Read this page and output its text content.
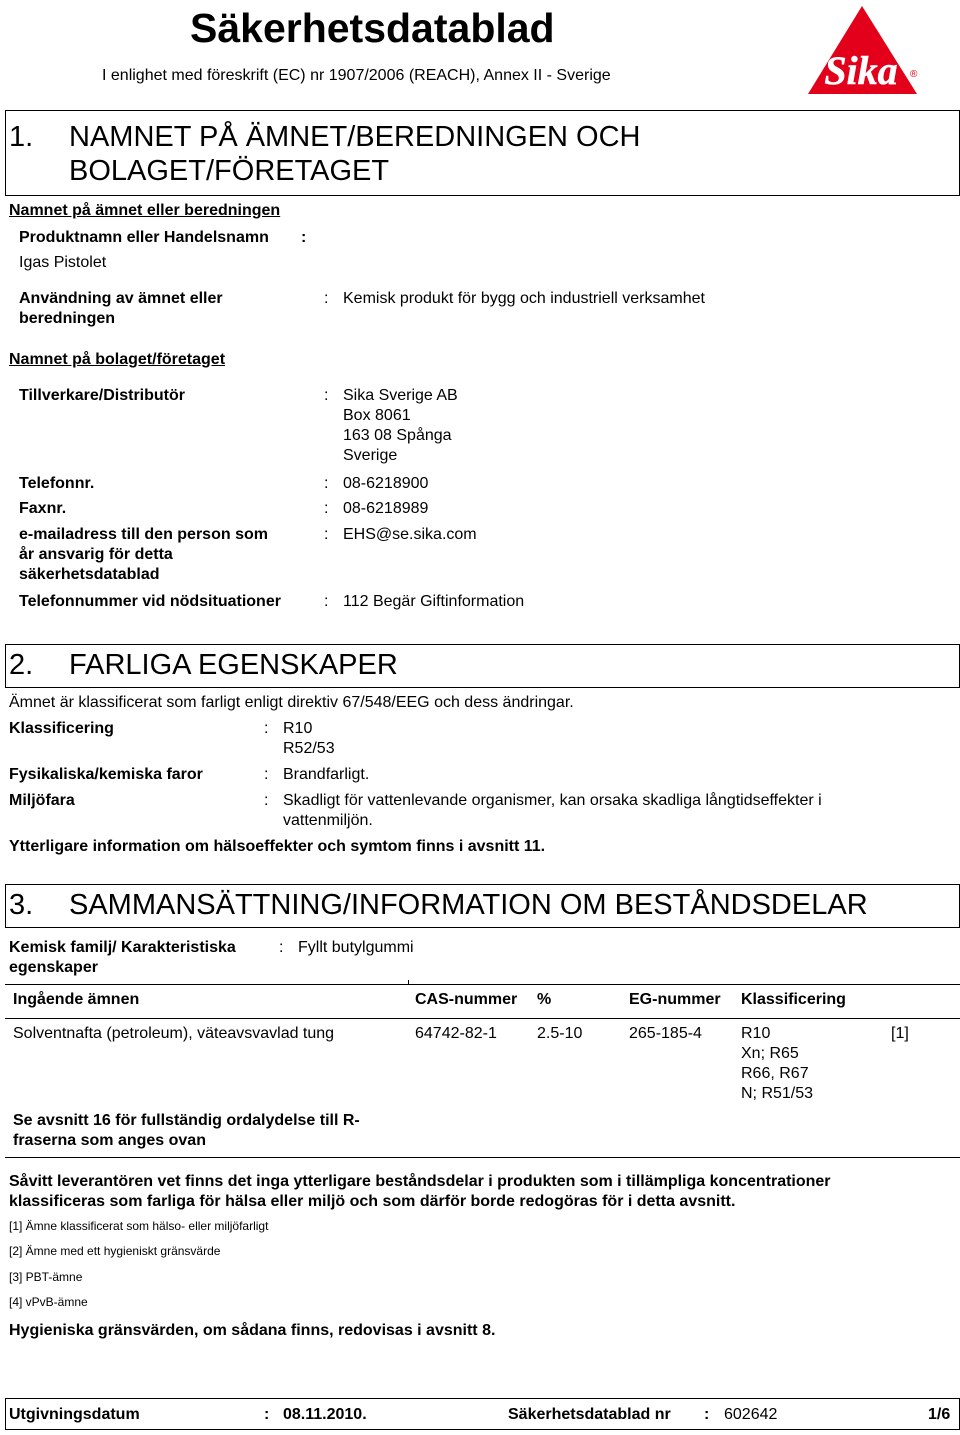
Säkerhetsdatablad
I enlighet med föreskrift (EC) nr 1907/2006 (REACH), Annex II - Sverige	Sika ®
1. NAMNET PÅ ÄMNET/BEREDNINGEN OCH
BOLAGET/FÖRETAGET
Namnet på ämnet eller beredningen
Produktnamn eller Handelsnamn :
Igas Pistolet
Användning av ämnet eller
beredningen
: Kemisk produkt för bygg och industriell verksamhet
Namnet på bolaget/företaget
Tillverkare/Distributör	: Sika Sverige AB
Box 8061
163 08 Spånga
Sverige
Telefonnr.	: 08-6218900
Faxnr.	: 08-6218989
e-mailadress till den person som
år ansvarig för detta
säkerhetsdatablad
: EHS@se.sika.com
Telefonnummer vid nödsituationer	: 112 Begär Giftinformation
2. FARLIGA EGENSKAPER
Ämnet är klassificerat som farligt enligt direktiv 67/548/EEG och dess ändringar.
Klassificering	: R10
R52/53
Fysikaliska/kemiska faror	: Brandfarligt.
Miljöfara	: Skadligt för vattenlevande organismer, kan orsaka skadliga långtidseffekter i
vattenmiljön.
Ytterligare information om hälsoeffekter och symtom finns i avsnitt 11.
3. SAMMANSÄTTNING/INFORMATION OM BESTÅNDSDELAR
Kemisk familj/ Karakteristiska
egenskaper
: Fyllt butylgummi
Ingående ämnen	CAS-nummer %	EG-nummer Klassificering
Solventnafta (petroleum), väteavsvavlad tung	64742-82-1	2.5-10	265-185-4 R10
Xn; R65
R66, R67
N; R51/53
[1]
Se avsnitt 16 för fullständig ordalydelse till R-
fraserna som anges ovan
Såvitt leverantören vet finns det inga ytterligare beståndsdelar i produkten som i tillämpliga koncentrationer
klassificeras som farliga för hälsa eller miljö och som därför borde redogöras för i detta avsnitt.
[1] Ämne klassificerat som hälso- eller miljöfarligt
[2] Ämne med ett hygieniskt gränsvärde
[3] PBT-ämne
[4] vPvB-ämne
Hygieniska gränsvärden, om sådana finns, redovisas i avsnitt 8.
Utgivningsdatum	: 08.11.2010.	Säkerhetsdatablad nr : 602642	1/6
